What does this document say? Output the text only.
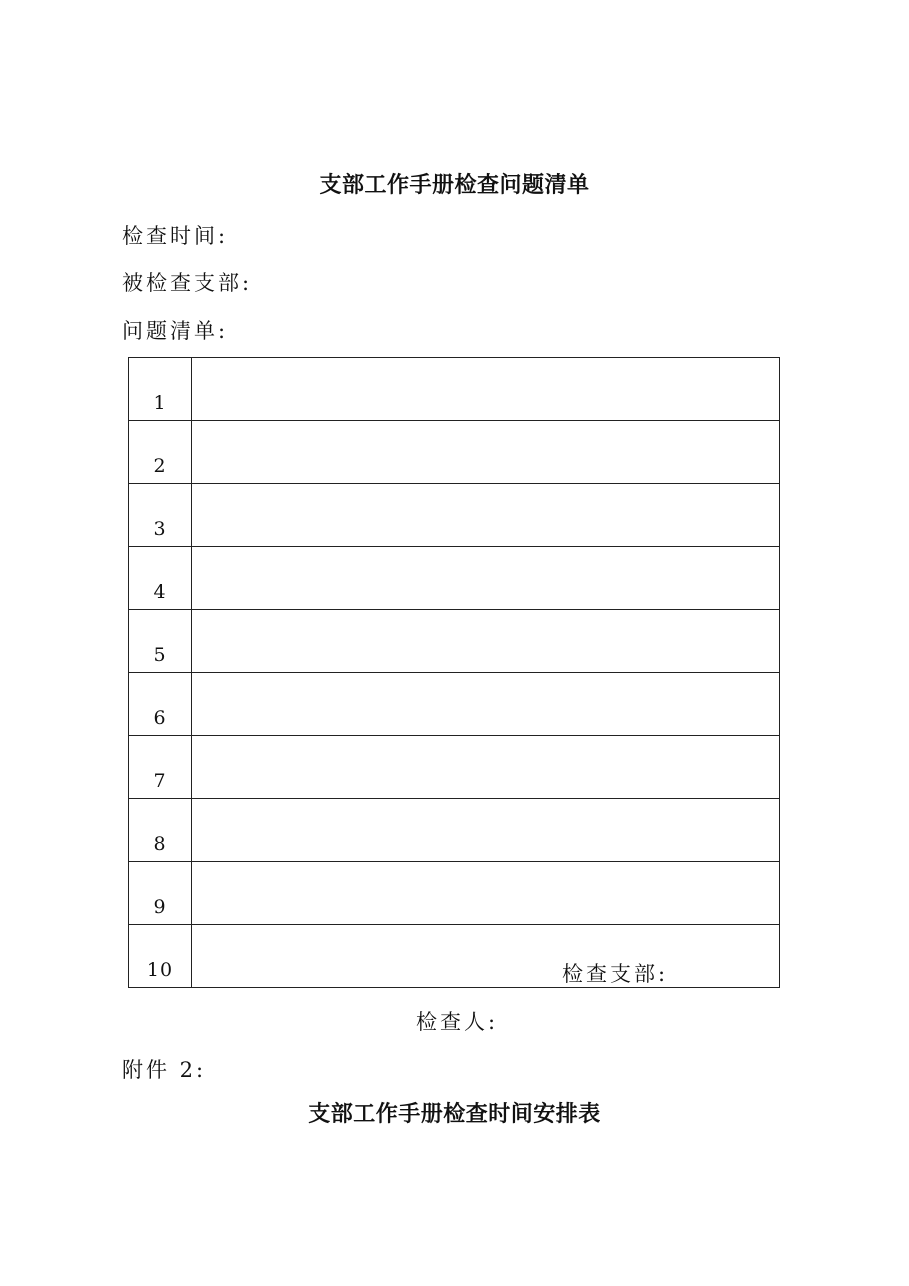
支部工作手册检查问题清单
检查时间:
被检查支部:
问题清单:
1	
2	
3	
4	
5	
6	
7	
8	
9	
10		检查支部:
检查人:
附件 2:
支部工作手册检查时间安排表
